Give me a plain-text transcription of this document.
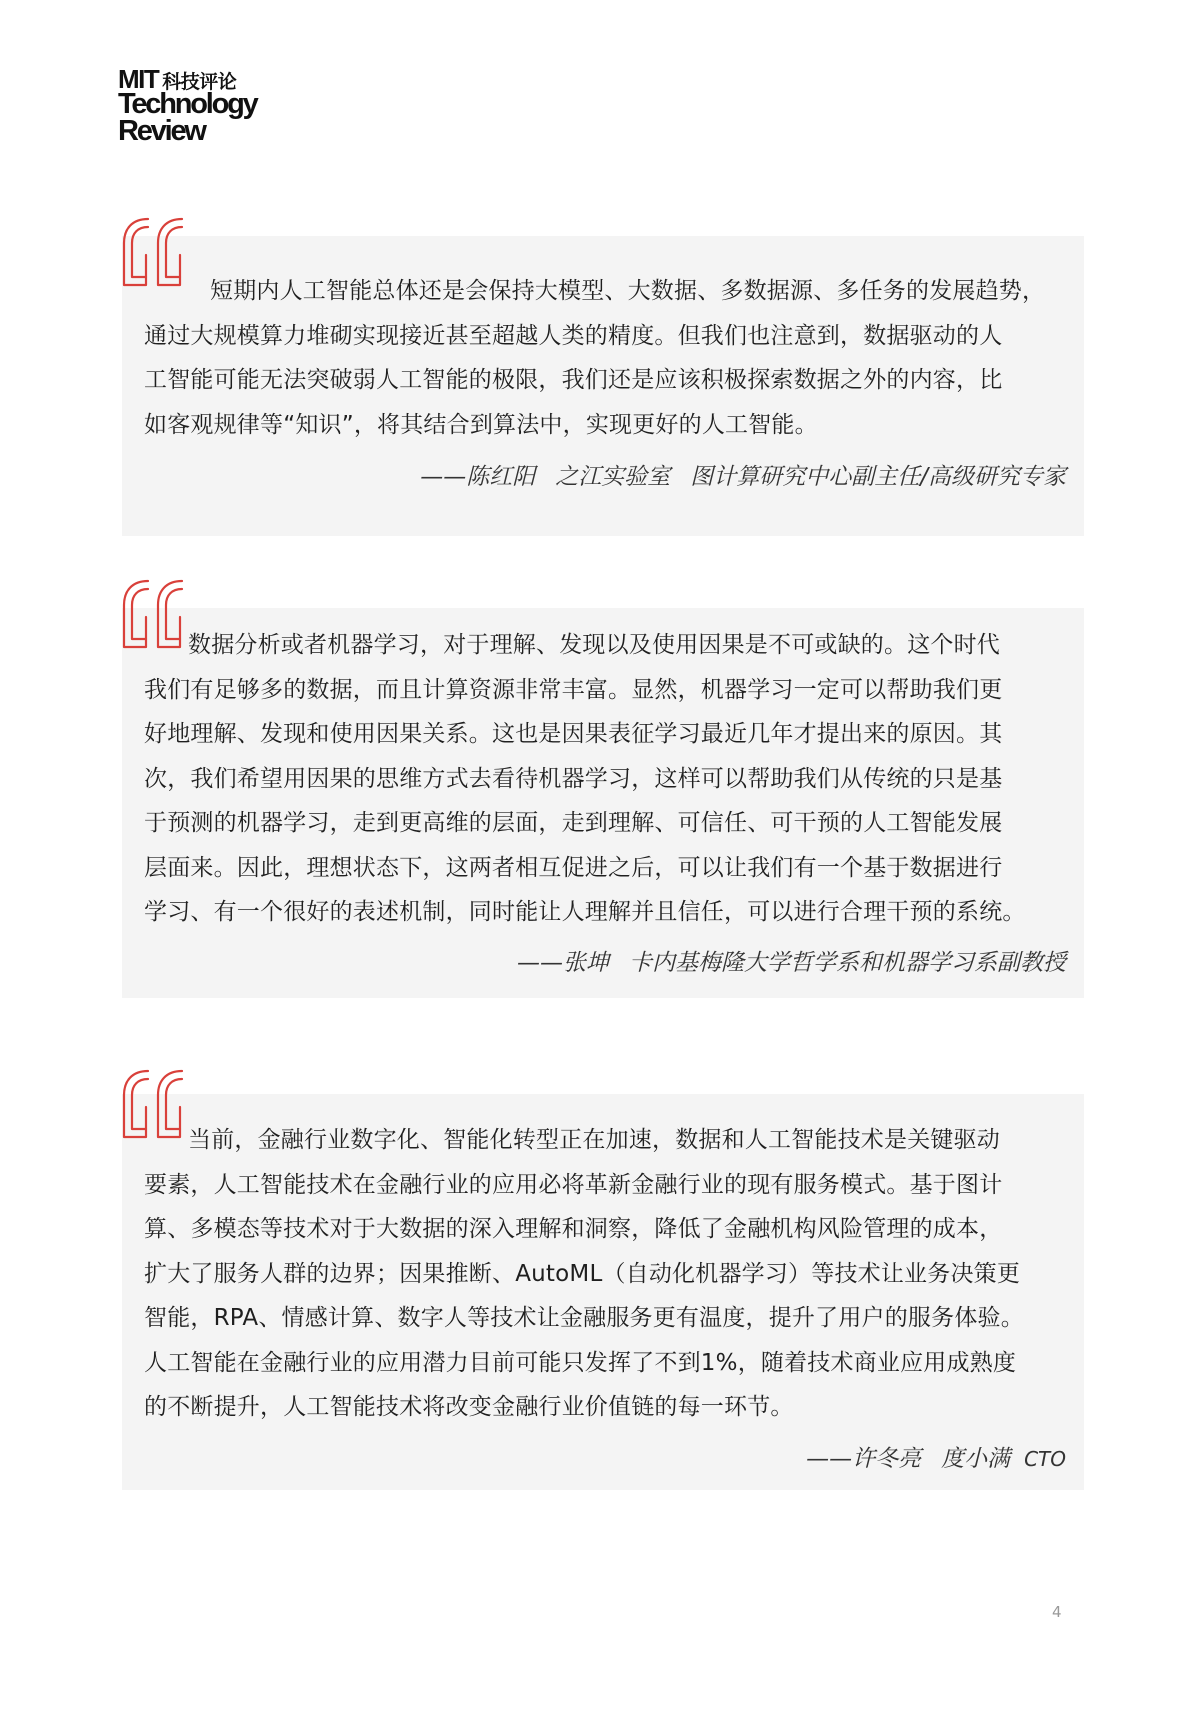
MIT 科技评论
Technology
Review

短期内人工智能总体还是会保持大模型、大数据、多数据源、多任务的发展趋势，
通过大规模算力堆砌实现接近甚至超越人类的精度。但我们也注意到，数据驱动的人
工智能可能无法突破弱人工智能的极限，我们还是应该积极探索数据之外的内容，比
如客观规律等“知识”，将其结合到算法中，实现更好的人工智能。

——陈红阳 之江实验室 图计算研究中心副主任/高级研究专家

数据分析或者机器学习，对于理解、发现以及使用因果是不可或缺的。这个时代
我们有足够多的数据，而且计算资源非常丰富。显然，机器学习一定可以帮助我们更
好地理解、发现和使用因果关系。这也是因果表征学习最近几年才提出来的原因。其
次，我们希望用因果的思维方式去看待机器学习，这样可以帮助我们从传统的只是基
于预测的机器学习，走到更高维的层面，走到理解、可信任、可干预的人工智能发展
层面来。因此，理想状态下，这两者相互促进之后，可以让我们有一个基于数据进行
学习、有一个很好的表述机制，同时能让人理解并且信任，可以进行合理干预的系统。

——张坤 卡内基梅隆大学哲学系和机器学习系副教授

当前，金融行业数字化、智能化转型正在加速，数据和人工智能技术是关键驱动
要素，人工智能技术在金融行业的应用必将革新金融行业的现有服务模式。基于图计
算、多模态等技术对于大数据的深入理解和洞察，降低了金融机构风险管理的成本，
扩大了服务人群的边界；因果推断、AutoML（自动化机器学习）等技术让业务决策更
智能，RPA、情感计算、数字人等技术让金融服务更有温度，提升了用户的服务体验。
人工智能在金融行业的应用潜力目前可能只发挥了不到1%，随着技术商业应用成熟度
的不断提升，人工智能技术将改变金融行业价值链的每一环节。

——许冬亮 度小满 CTO
4
